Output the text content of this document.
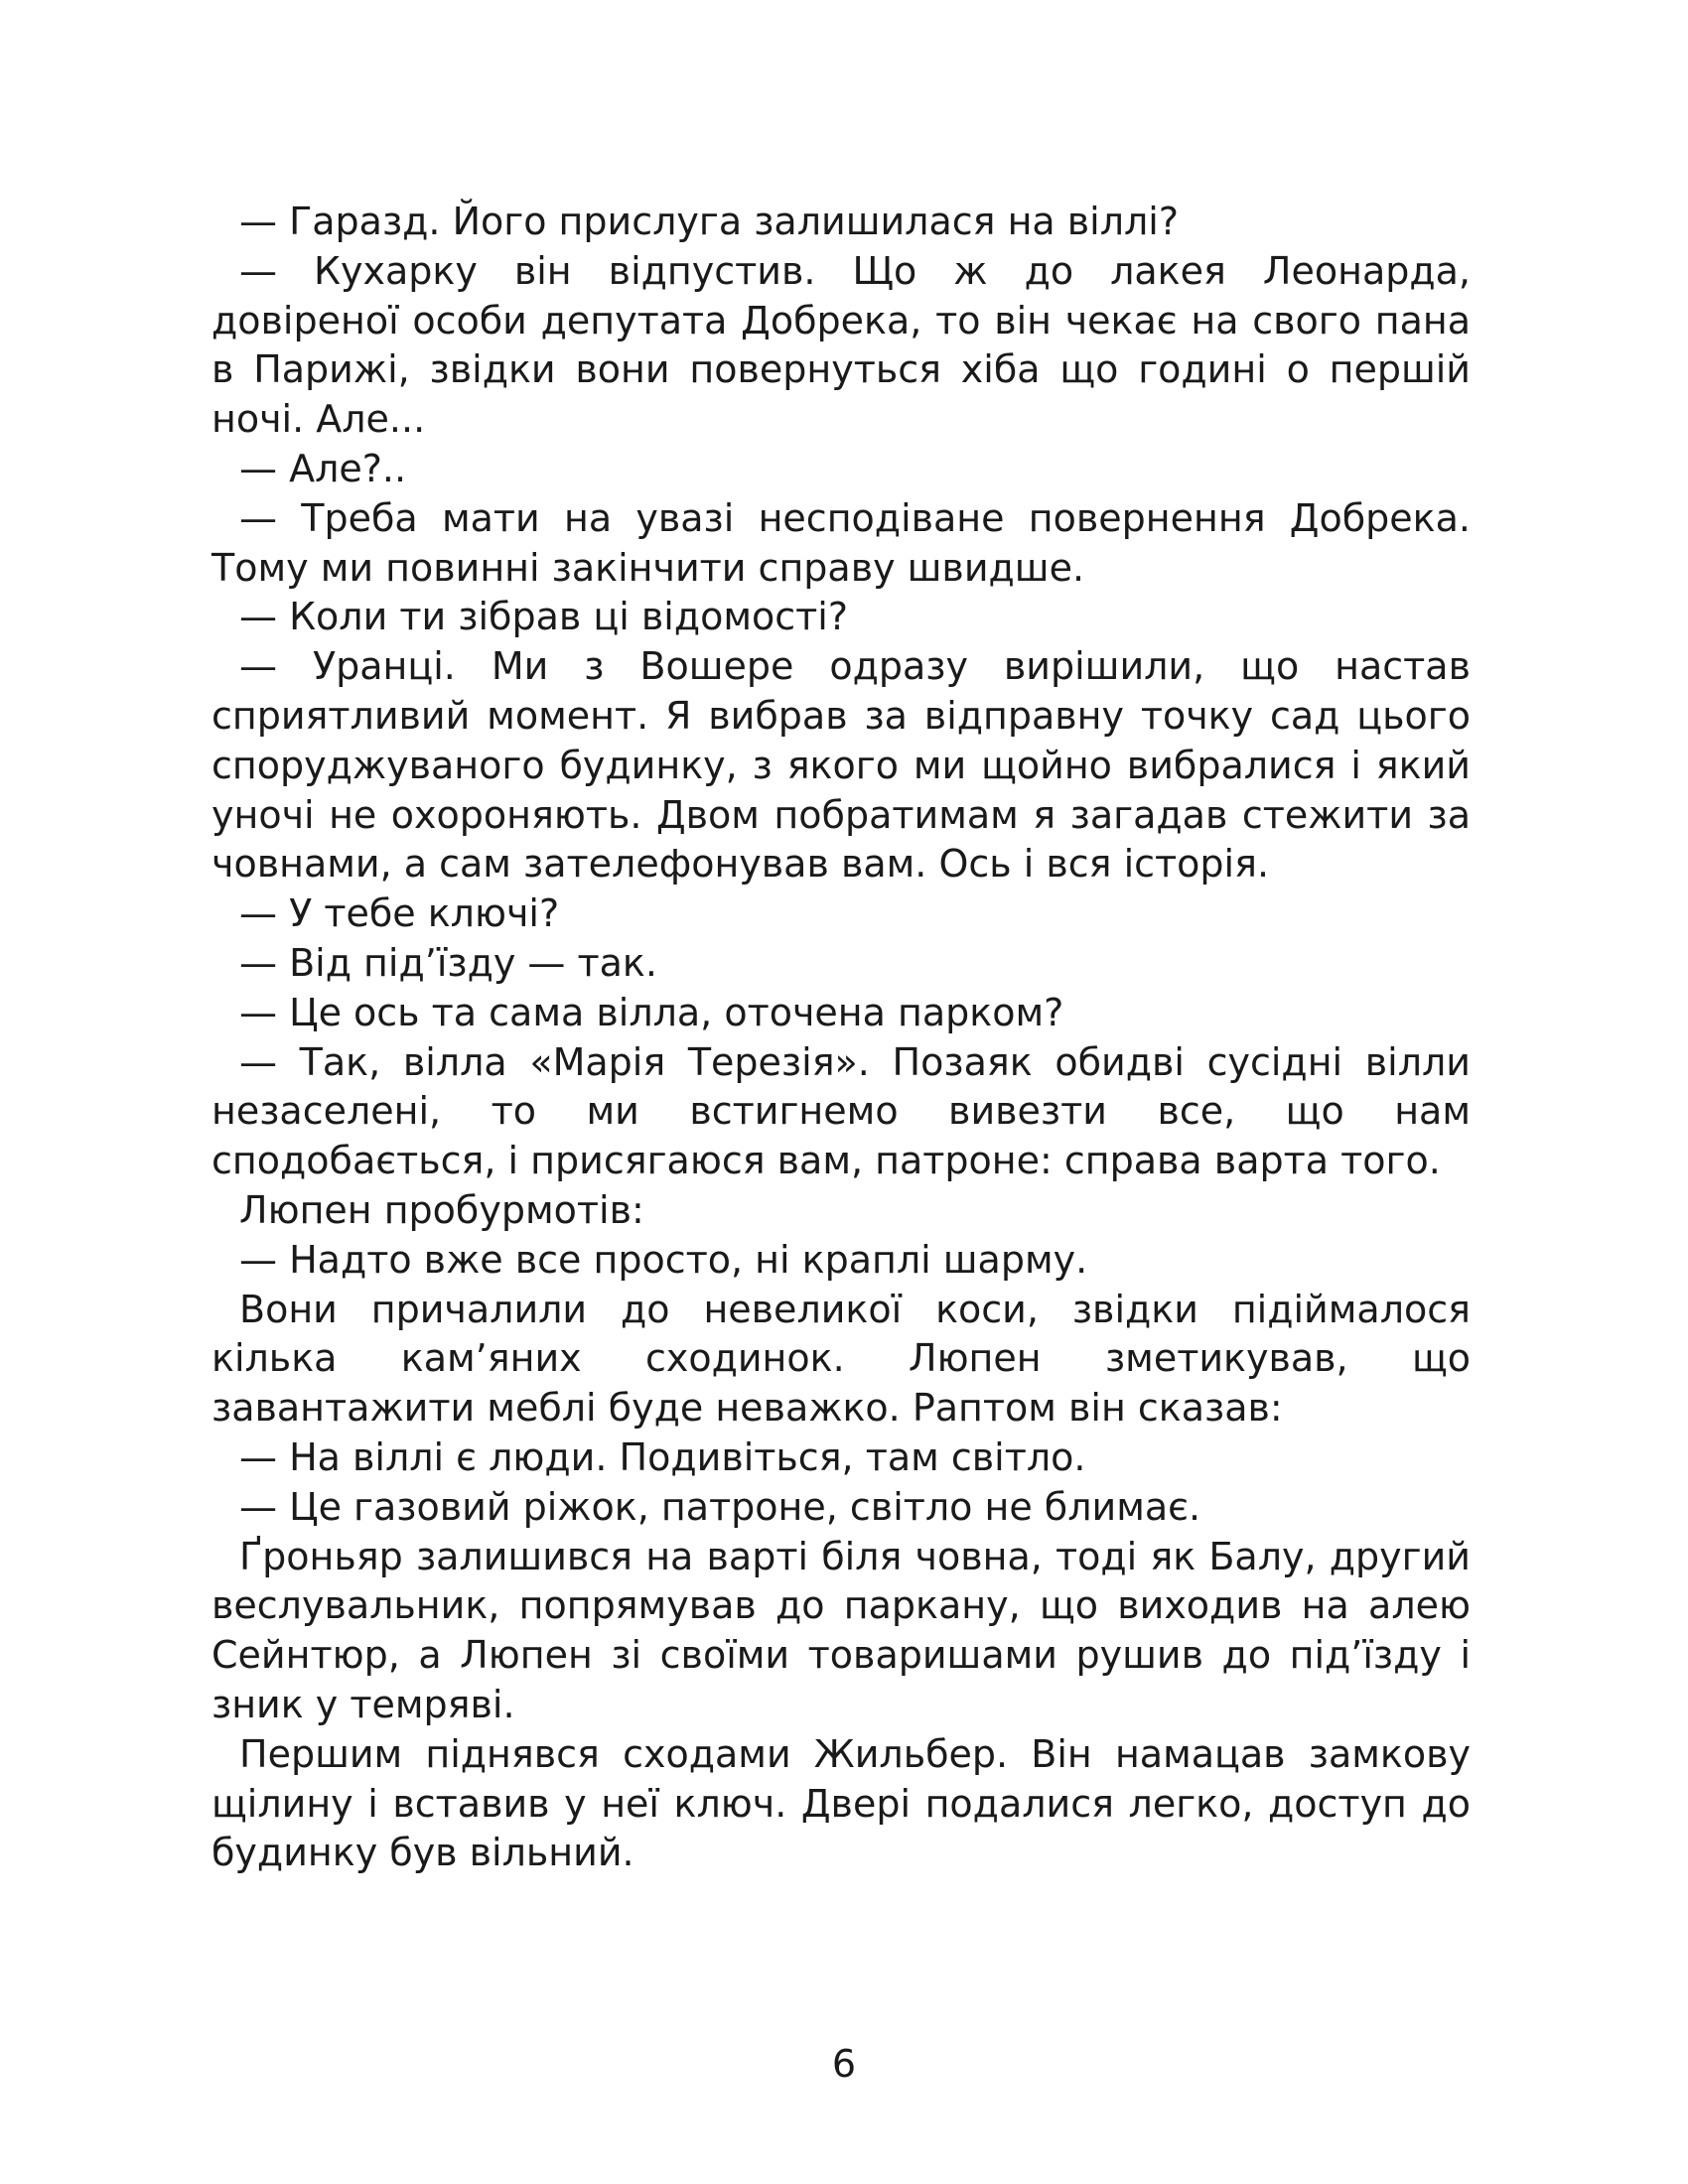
— Гаразд. Його прислуга залишилася на віллі?

— Кухарку він відпустив. Що ж до лакея Леонарда, довіреної особи депутата Добрека, то він чекає на свого пана в Парижі, звідки вони повернуться хіба що годині о першій ночі. Але...

— Але?..

— Треба мати на увазі несподіване повернення Добрека. Тому ми повинні закінчити справу швидше.

— Коли ти зібрав ці відомості?

— Уранці. Ми з Вошере одразу вирішили, що настав сприятливий момент. Я вибрав за відправну точку сад цього споруджуваного будинку, з якого ми щойно вибралися і який уночі не охороняють. Двом побратимам я загадав стежити за човнами, а сам зателефонував вам. Ось і вся історія.

— У тебе ключі?

— Від під’їзду — так.

— Це ось та сама вілла, оточена парком?

— Так, вілла «Марія Терезія». Позаяк обидві сусідні вілли незаселені, то ми встигнемо вивезти все, що нам сподобається, і присягаюся вам, патроне: справа варта того.

Люпен пробурмотів:

— Надто вже все просто, ні краплі шарму.

Вони причалили до невеликої коси, звідки підіймалося кілька кам’яних сходинок. Люпен зметикував, що завантажити меблі буде неважко. Раптом він сказав:

— На віллі є люди. Подивіться, там світло.

— Це газовий ріжок, патроне, світло не блимає.

Ґроньяр залишився на варті біля човна, тоді як Балу, другий веслувальник, попрямував до паркану, що виходив на алею Сейнтюр, а Люпен зі своїми товаришами рушив до під’їзду і зник у темряві.

Першим піднявся сходами Жильбер. Він намацав замкову щілину і вставив у неї ключ. Двері подалися легко, доступ до будинку був вільний.

6
